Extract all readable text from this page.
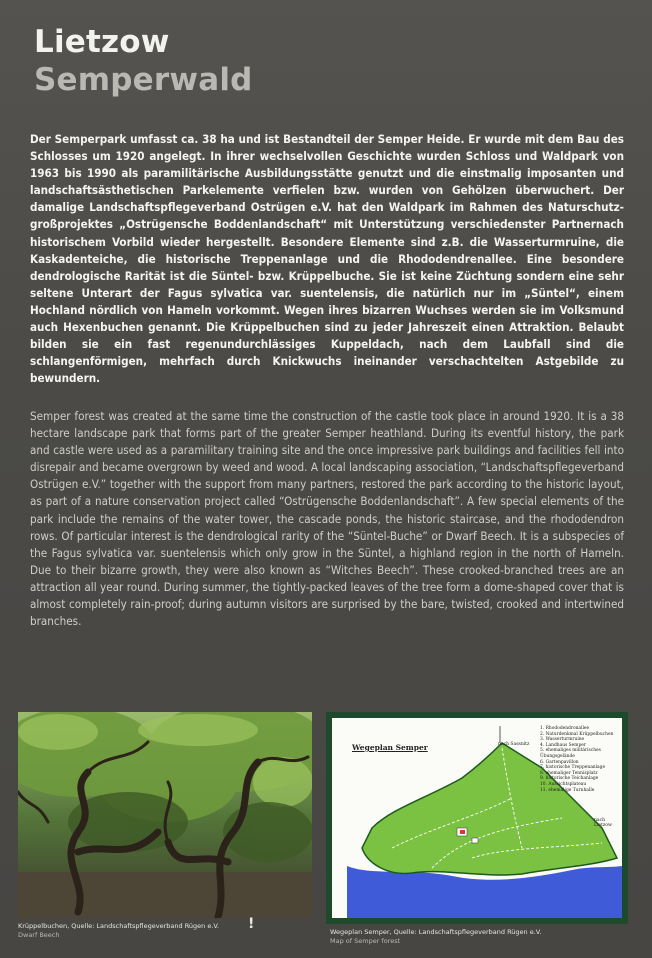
Lietzow
Semperwald
Der Semperpark umfasst ca. 38 ha und ist Bestandteil der Semper Heide. Er wurde mit dem Bau des Schlosses um 1920 angelegt. In ihrer wechselvollen Geschichte wurden Schloss und Waldpark von 1963 bis 1990 als paramilitärische Ausbildungsstätte genutzt und die einstmalig imposanten und landschaftsästhetischen Parkelemente verfielen bzw. wurden von Gehölzen überwuchert. Der damalige Landschaftspflegeverband Ostrügen e.V. hat den Waldpark im Rahmen des Naturschutz-großprojektes „Ostrügensche Boddenlandschaft“ mit Unterstützung verschiedenster Partnernach historischem Vorbild wieder hergestellt. Besondere Elemente sind z.B. die Wasserturmruine, die Kaskadenteiche, die historische Treppenanlage und die Rhododendrenallee. Eine besondere dendrologische Rarität ist die Süntel- bzw. Krüppelbuche. Sie ist keine Züchtung sondern eine sehr seltene Unterart der Fagus sylvatica var. suentelensis, die natürlich nur im „Süntel“, einem Hochland nördlich von Hameln vorkommt. Wegen ihres bizarren Wuchses werden sie im Volksmund auch Hexenbuchen genannt. Die Krüppelbuchen sind zu jeder Jahreszeit einen Attraktion. Belaubt bilden sie ein fast regenundurchlässiges Kuppeldach, nach dem Laubfall sind die schlangenförmigen, mehrfach durch Knickwuchs ineinander verschachtelten Astgebilde zu bewundern.
Semper forest was created at the same time the construction of the castle took place in around 1920. It is a 38 hectare landscape park that forms part of the greater Semper heathland. During its eventful history, the park and castle were used as a paramilitary training site and the once impressive park buildings and facilities fell into disrepair and became overgrown by weed and wood. A local landscaping association, “Landschaftspflegeverband Ostrügen e.V.” together with the support from many partners, restored the park according to the historic layout, as part of a nature conservation project called “Ostrügensche Boddenlandschaft”. A few special elements of the park include the remains of the water tower, the cascade ponds, the historic staircase, and the rhododendron rows. Of particular interest is the dendrological rarity of the “Süntel-Buche” or Dwarf Beech. It is a subspecies of the Fagus sylvatica var. suentelensis which only grow in the Süntel, a highland region in the north of Hameln. Due to their bizarre growth, they were also known as “Witches Beech”. These crooked-branched trees are an attraction all year round. During summer, the tightly-packed leaves of the tree form a dome-shaped cover that is almost completely rain-proof; during autumn visitors are surprised by the bare, twisted, crooked and intertwined branches.
Krüppelbuchen, Quelle: Landschaftspflegeverband Rügen e.V.
Dwarf Beech
!
Wegeplan Semper	nach Sassnitz
nach Lietzow
1. Rhododendronallee
2. Naturdenkmal Krüppelbuchen
3. Wasserturmruine
4. Landhaus Semper
5. ehemaliges militärisches
Übungsgelände
6. Gartenpavillon
7. historische Treppenanlage
8. ehemaliger Tennisplatz
9. historische Teichanlage
10. Aussichtsplateau
11. ehemalige Turnhalle
Wegeplan Semper, Quelle: Landschaftspflegeverband Rügen e.V.
Map of Semper forest
